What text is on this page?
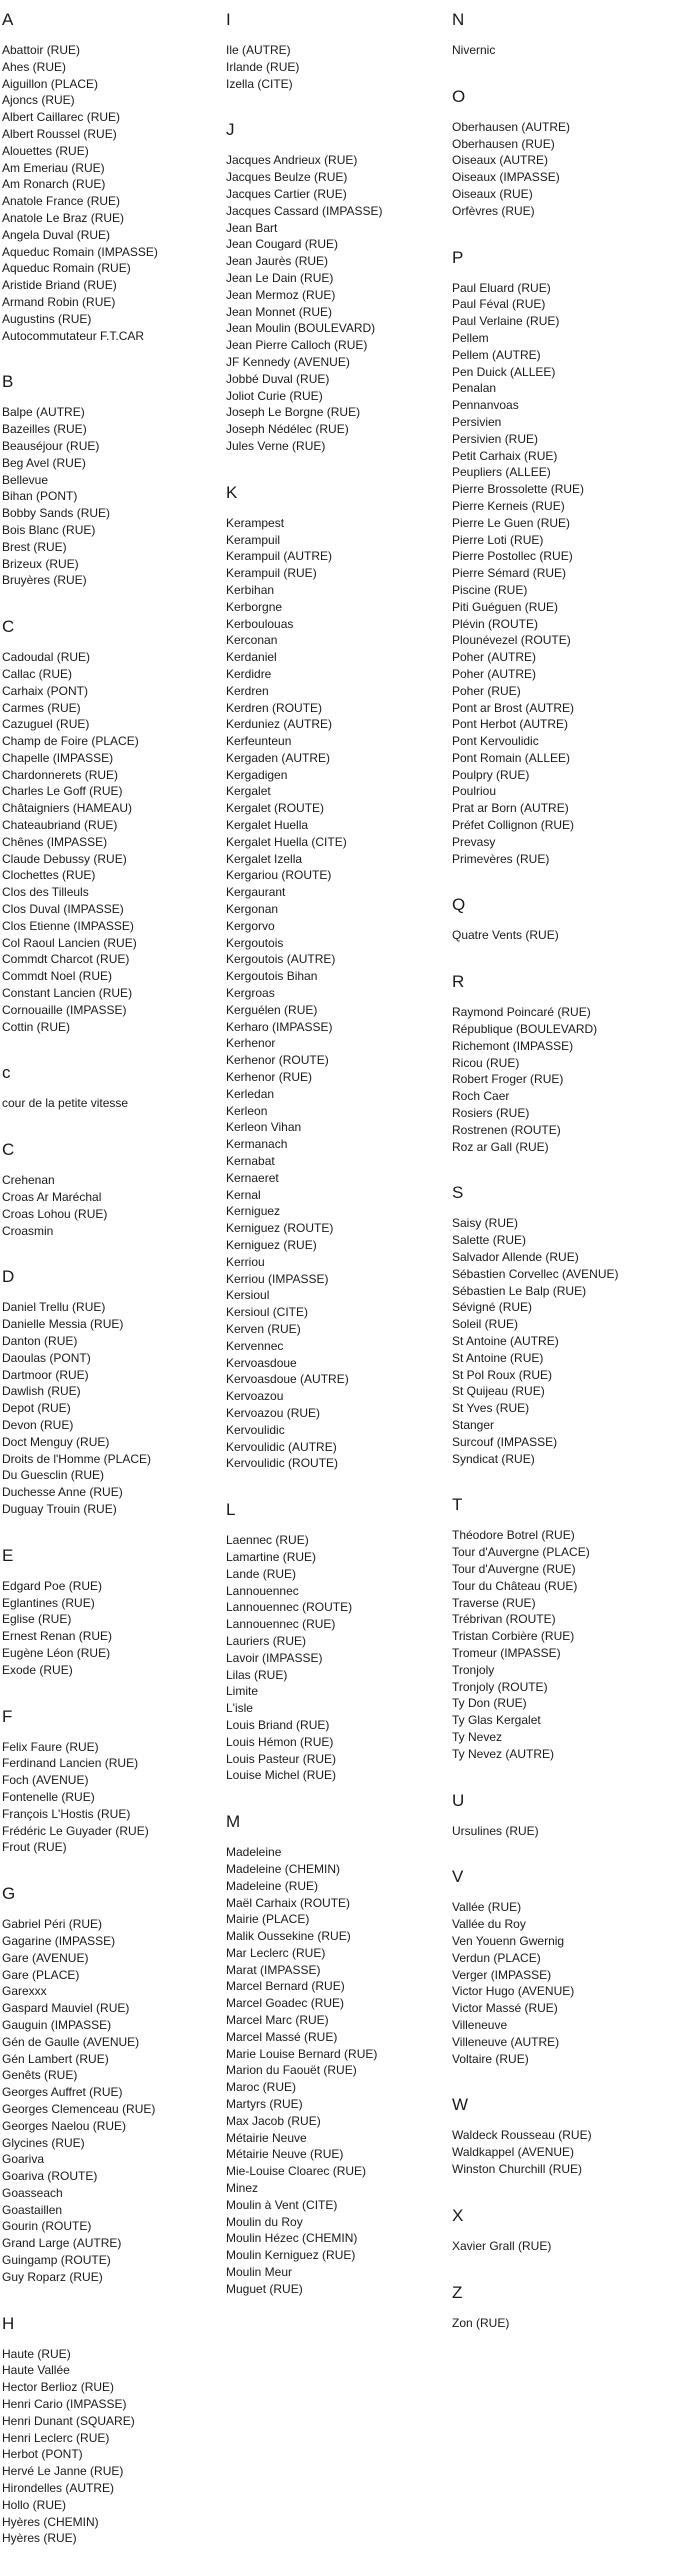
A
Abattoir (RUE)
Ahes (RUE)
Aiguillon (PLACE)
Ajoncs (RUE)
Albert Caillarec (RUE)
Albert Roussel (RUE)
Alouettes (RUE)
Am Emeriau (RUE)
Am Ronarch (RUE)
Anatole France (RUE)
Anatole Le Braz (RUE)
Angela Duval (RUE)
Aqueduc Romain (IMPASSE)
Aqueduc Romain (RUE)
Aristide Briand (RUE)
Armand Robin (RUE)
Augustins (RUE)
Autocommutateur F.T.CAR
B
Balpe (AUTRE)
Bazeilles (RUE)
Beauséjour (RUE)
Beg Avel (RUE)
Bellevue
Bihan (PONT)
Bobby Sands (RUE)
Bois Blanc (RUE)
Brest (RUE)
Brizeux (RUE)
Bruyères (RUE)
C
Cadoudal (RUE)
Callac (RUE)
Carhaix (PONT)
Carmes (RUE)
Cazuguel (RUE)
Champ de Foire (PLACE)
Chapelle (IMPASSE)
Chardonnerets (RUE)
Charles Le Goff (RUE)
Châtaigniers (HAMEAU)
Chateaubriand (RUE)
Chênes (IMPASSE)
Claude Debussy (RUE)
Clochettes (RUE)
Clos des Tilleuls
Clos Duval (IMPASSE)
Clos Etienne (IMPASSE)
Col Raoul Lancien (RUE)
Commdt Charcot (RUE)
Commdt Noel (RUE)
Constant Lancien (RUE)
Cornouaille (IMPASSE)
Cottin (RUE)
c
cour de la petite vitesse
C
Crehenan
Croas Ar Maréchal
Croas Lohou (RUE)
Croasmin
D
Daniel Trellu (RUE)
Danielle Messia (RUE)
Danton (RUE)
Daoulas (PONT)
Dartmoor (RUE)
Dawlish (RUE)
Depot (RUE)
Devon (RUE)
Doct Menguy (RUE)
Droits de l'Homme (PLACE)
Du Guesclin (RUE)
Duchesse Anne (RUE)
Duguay Trouin (RUE)
E
Edgard Poe (RUE)
Eglantines (RUE)
Eglise (RUE)
Ernest Renan (RUE)
Eugène Léon (RUE)
Exode (RUE)
F
Felix Faure (RUE)
Ferdinand Lancien (RUE)
Foch (AVENUE)
Fontenelle (RUE)
François L'Hostis (RUE)
Frédéric Le Guyader (RUE)
Frout (RUE)
G
Gabriel Péri (RUE)
Gagarine (IMPASSE)
Gare (AVENUE)
Gare (PLACE)
Garexxx
Gaspard Mauviel (RUE)
Gauguin (IMPASSE)
Gén de Gaulle (AVENUE)
Gén Lambert (RUE)
Genêts (RUE)
Georges Auffret (RUE)
Georges Clemenceau (RUE)
Georges Naelou (RUE)
Glycines (RUE)
Goariva
Goariva (ROUTE)
Goasseach
Goastaillen
Gourin (ROUTE)
Grand Large (AUTRE)
Guingamp (ROUTE)
Guy Roparz (RUE)
H
Haute (RUE)
Haute Vallée
Hector Berlioz (RUE)
Henri Cario (IMPASSE)
Henri Dunant (SQUARE)
Henri Leclerc (RUE)
Herbot (PONT)
Hervé Le Janne (RUE)
Hirondelles (AUTRE)
Hollo (RUE)
Hyères (CHEMIN)
Hyères (RUE)
I
Ile (AUTRE)
Irlande (RUE)
Izella (CITE)
J
Jacques Andrieux (RUE)
Jacques Beulze (RUE)
Jacques Cartier (RUE)
Jacques Cassard (IMPASSE)
Jean Bart
Jean Cougard (RUE)
Jean Jaurès (RUE)
Jean Le Dain (RUE)
Jean Mermoz (RUE)
Jean Monnet (RUE)
Jean Moulin (BOULEVARD)
Jean Pierre Calloch (RUE)
JF Kennedy (AVENUE)
Jobbé Duval (RUE)
Joliot Curie (RUE)
Joseph Le Borgne (RUE)
Joseph Nédélec (RUE)
Jules Verne (RUE)
K
Kerampest
Kerampuil
Kerampuil (AUTRE)
Kerampuil (RUE)
Kerbihan
Kerborgne
Kerboulouas
Kerconan
Kerdaniel
Kerdidre
Kerdren
Kerdren (ROUTE)
Kerduniez (AUTRE)
Kerfeunteun
Kergaden (AUTRE)
Kergadigen
Kergalet
Kergalet (ROUTE)
Kergalet Huella
Kergalet Huella (CITE)
Kergalet Izella
Kergariou (ROUTE)
Kergaurant
Kergonan
Kergorvo
Kergoutois
Kergoutois (AUTRE)
Kergoutois Bihan
Kergroas
Kerguélen (RUE)
Kerharo (IMPASSE)
Kerhenor
Kerhenor (ROUTE)
Kerhenor (RUE)
Kerledan
Kerleon
Kerleon Vihan
Kermanach
Kernabat
Kernaeret
Kernal
Kerniguez
Kerniguez (ROUTE)
Kerniguez (RUE)
Kerriou
Kerriou (IMPASSE)
Kersioul
Kersioul (CITE)
Kerven (RUE)
Kervennec
Kervoasdoue
Kervoasdoue (AUTRE)
Kervoazou
Kervoazou (RUE)
Kervoulidic
Kervoulidic (AUTRE)
Kervoulidic (ROUTE)
L
Laennec (RUE)
Lamartine (RUE)
Lande (RUE)
Lannouennec
Lannouennec (ROUTE)
Lannouennec (RUE)
Lauriers (RUE)
Lavoir (IMPASSE)
Lilas (RUE)
Limite
L'isle
Louis Briand (RUE)
Louis Hémon (RUE)
Louis Pasteur (RUE)
Louise Michel (RUE)
M
Madeleine
Madeleine (CHEMIN)
Madeleine (RUE)
Maël Carhaix (ROUTE)
Mairie (PLACE)
Malik Oussekine (RUE)
Mar Leclerc (RUE)
Marat (IMPASSE)
Marcel Bernard (RUE)
Marcel Goadec (RUE)
Marcel Marc (RUE)
Marcel Massé (RUE)
Marie Louise Bernard (RUE)
Marion du Faouët (RUE)
Maroc (RUE)
Martyrs (RUE)
Max Jacob (RUE)
Métairie Neuve
Métairie Neuve (RUE)
Mie-Louise Cloarec (RUE)
Minez
Moulin à Vent (CITE)
Moulin du Roy
Moulin Hézec (CHEMIN)
Moulin Kerniguez (RUE)
Moulin Meur
Muguet (RUE)
N
Nivernic
O
Oberhausen (AUTRE)
Oberhausen (RUE)
Oiseaux (AUTRE)
Oiseaux (IMPASSE)
Oiseaux (RUE)
Orfèvres (RUE)
P
Paul Eluard (RUE)
Paul Féval (RUE)
Paul Verlaine (RUE)
Pellem
Pellem (AUTRE)
Pen Duick (ALLEE)
Penalan
Pennanvoas
Persivien
Persivien (RUE)
Petit Carhaix (RUE)
Peupliers (ALLEE)
Pierre Brossolette (RUE)
Pierre Kerneis (RUE)
Pierre Le Guen (RUE)
Pierre Loti (RUE)
Pierre Postollec (RUE)
Pierre Sémard (RUE)
Piscine (RUE)
Piti Guéguen (RUE)
Plévin (ROUTE)
Plounévezel (ROUTE)
Poher (AUTRE)
Poher (AUTRE)
Poher (RUE)
Pont ar Brost (AUTRE)
Pont Herbot (AUTRE)
Pont Kervoulidic
Pont Romain (ALLEE)
Poulpry (RUE)
Poulriou
Prat ar Born (AUTRE)
Préfet Collignon (RUE)
Prevasy
Primevères (RUE)
Q
Quatre Vents (RUE)
R
Raymond Poincaré (RUE)
République (BOULEVARD)
Richemont (IMPASSE)
Ricou (RUE)
Robert Froger (RUE)
Roch Caer
Rosiers (RUE)
Rostrenen (ROUTE)
Roz ar Gall (RUE)
S
Saisy (RUE)
Salette (RUE)
Salvador Allende (RUE)
Sébastien Corvellec (AVENUE)
Sébastien Le Balp (RUE)
Sévigné (RUE)
Soleil (RUE)
St Antoine (AUTRE)
St Antoine (RUE)
St Pol Roux (RUE)
St Quijeau (RUE)
St Yves (RUE)
Stanger
Surcouf (IMPASSE)
Syndicat (RUE)
T
Théodore Botrel (RUE)
Tour d'Auvergne (PLACE)
Tour d'Auvergne (RUE)
Tour du Château (RUE)
Traverse (RUE)
Trébrivan (ROUTE)
Tristan Corbière (RUE)
Tromeur (IMPASSE)
Tronjoly
Tronjoly (ROUTE)
Ty Don (RUE)
Ty Glas Kergalet
Ty Nevez
Ty Nevez (AUTRE)
U
Ursulines (RUE)
V
Vallée (RUE)
Vallée du Roy
Ven Youenn Gwernig
Verdun (PLACE)
Verger (IMPASSE)
Victor Hugo (AVENUE)
Victor Massé (RUE)
Villeneuve
Villeneuve (AUTRE)
Voltaire (RUE)
W
Waldeck Rousseau (RUE)
Waldkappel (AVENUE)
Winston Churchill (RUE)
X
Xavier Grall (RUE)
Z
Zon (RUE)
